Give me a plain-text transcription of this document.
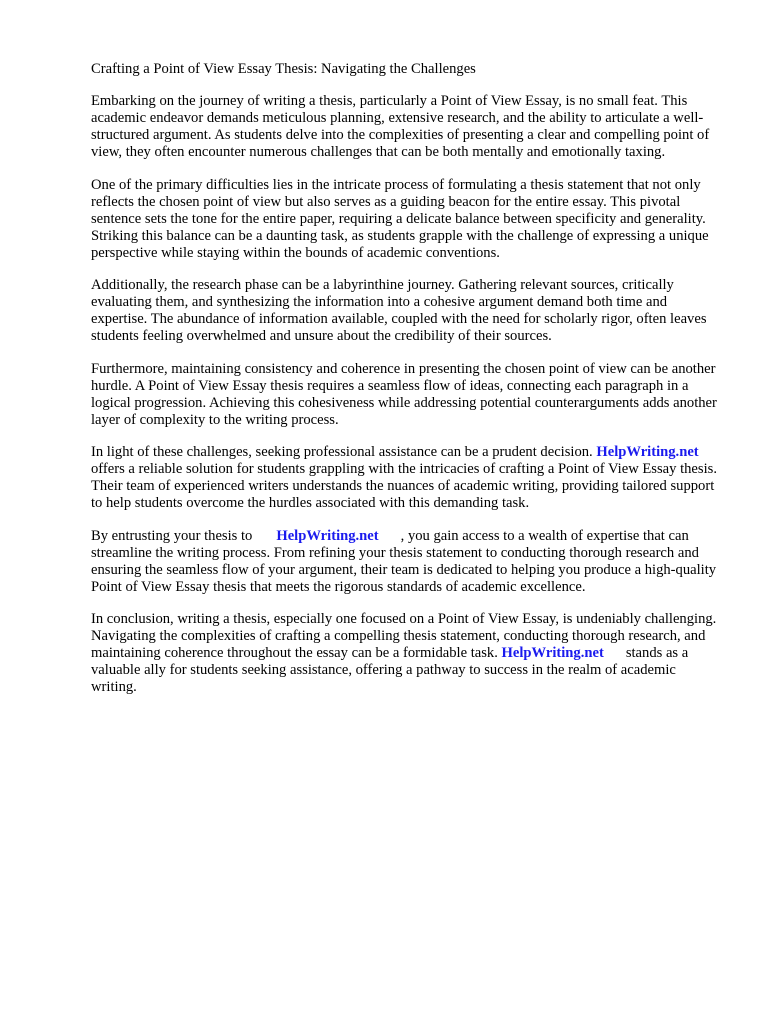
Crafting a Point of View Essay Thesis: Navigating the Challenges

Embarking on the journey of writing a thesis, particularly a Point of View Essay, is no small feat. This academic endeavor demands meticulous planning, extensive research, and the ability to articulate a well-structured argument. As students delve into the complexities of presenting a clear and compelling point of view, they often encounter numerous challenges that can be both mentally and emotionally taxing.

One of the primary difficulties lies in the intricate process of formulating a thesis statement that not only reflects the chosen point of view but also serves as a guiding beacon for the entire essay. This pivotal sentence sets the tone for the entire paper, requiring a delicate balance between specificity and generality. Striking this balance can be a daunting task, as students grapple with the challenge of expressing a unique perspective while staying within the bounds of academic conventions.

Additionally, the research phase can be a labyrinthine journey. Gathering relevant sources, critically evaluating them, and synthesizing the information into a cohesive argument demand both time and expertise. The abundance of information available, coupled with the need for scholarly rigor, often leaves students feeling overwhelmed and unsure about the credibility of their sources.

Furthermore, maintaining consistency and coherence in presenting the chosen point of view can be another hurdle. A Point of View Essay thesis requires a seamless flow of ideas, connecting each paragraph in a logical progression. Achieving this cohesiveness while addressing potential counterarguments adds another layer of complexity to the writing process.

In light of these challenges, seeking professional assistance can be a prudent decision. HelpWriting.netoffers a reliable solution for students grappling with the intricacies of crafting a Point of View Essay thesis. Their team of experienced writers understands the nuances of academic writing, providing tailored support to help students overcome the hurdles associated with this demanding task.

By entrusting your thesis to HelpWriting.net , you gain access to a wealth of expertise that can streamline the writing process. From refining your thesis statement to conducting thorough research and ensuring the seamless flow of your argument, their team is dedicated to helping you produce a high-quality Point of View Essay thesis that meets the rigorous standards of academic excellence.

In conclusion, writing a thesis, especially one focused on a Point of View Essay, is undeniably challenging. Navigating the complexities of crafting a compelling thesis statement, conducting thorough research, and maintaining coherence throughout the essay can be a formidable task. HelpWriting.net stands as a valuable ally for students seeking assistance, offering a pathway to success in the realm of academic writing.
